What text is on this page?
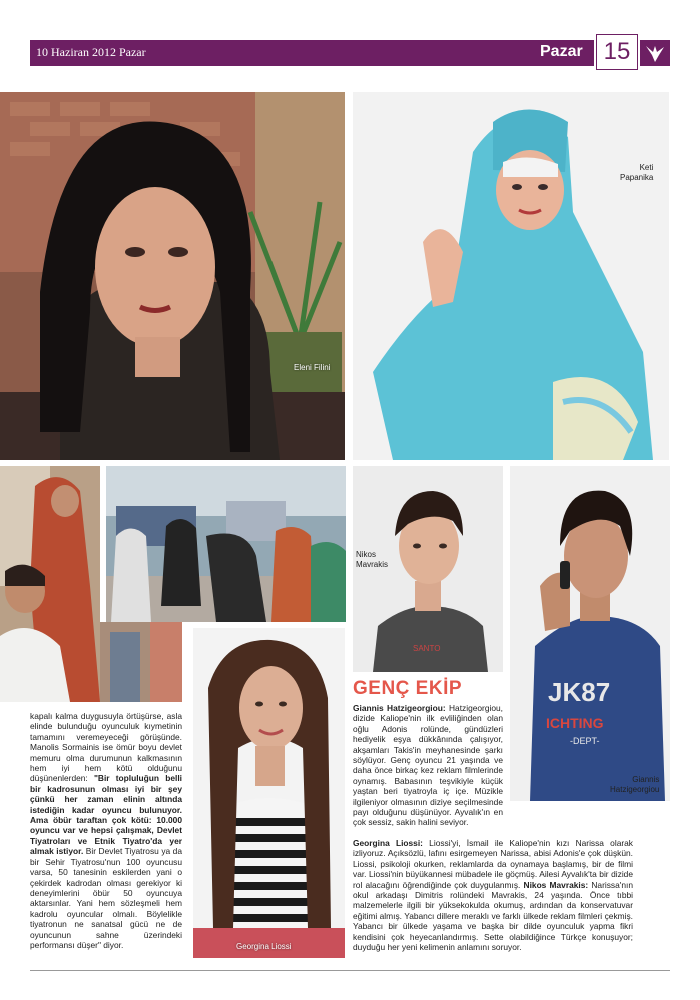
10 Haziran 2012 Pazar	Pazar 15
Eleni Filini
Keti
Papanika
SANTO
Nikos
Mavrakis
JK87
ICHTING
-DEPT-
Giannis
Hatzigeorgiou
Georgina Liossi
kapalı kalma duygusuyla örtüşürse, asla elinde bulunduğu oyunculuk kıymetinin tamamını veremeyeceği görüşünde. Manolis Sormainis ise ömür boyu devlet memuru olma durumunun kalkmasının hem iyi hem kötü olduğunu düşünenlerden: "Bir topluluğun belli bir kadrosunun olması iyi bir şey çünkü her zaman elinin altında istediğin kadar oyuncu bulunuyor. Ama öbür taraftan çok kötü: 10.000 oyuncu var ve hepsi çalışmak, Devlet Tiyatroları ve Etnik Tiyatro'da yer almak istiyor. Bir Devlet Tiyatrosu ya da bir Sehir Tiyatrosu'nun 100 oyuncusu varsa, 50 tanesinin eskilerden yani o çekirdek kadrodan olması gerekiyor ki deneyimlerini öbür 50 oyuncuya aktarsınlar. Yani hem sözleşmeli hem kadrolu oyuncular olmalı. Böylelikle tiyatronun ne sanatsal gücü ne de oyuncunun sahne üzerindeki performansı düşer" diyor.
GENÇ EKİP
Giannis Hatzigeorgiou: Hatzigeorgiou, dizide Kaliope'nin ilk evliliğinden olan oğlu Adonis rolünde, gündüzleri hediyelik eşya dükkânında çalışıyor, akşamları Takis'in meyhanesinde şarkı söylüyor. Genç oyuncu 21 yaşında ve daha önce birkaç kez reklam filmlerinde oynamış. Babasının teşvikiyle küçük yaştan beri tiyatroyla iç içe. Müzikle ilgileniyor olmasının diziye seçilmesinde payı olduğunu düşünüyor. Ayvalık'ın en çok sessiz, sakin halini seviyor.
Georgina Liossi: Liossi'yi, İsmail ile Kaliope'nin kızı Narissa olarak izliyoruz. Açıksözlü, lafını esirgemeyen Narissa, abisi Adonis'e çok düşkün. Liossi, psikoloji okurken, reklamlarda da oynamaya başlamış, bir de filmi var. Liossi'nin büyükannesi mübadele ile göçmüş. Ailesi Ayvalık'ta bir dizide rol alacağını öğrendiğinde çok duygulanmış. Nikos Mavrakis: Narissa'nın okul arkadaşı Dimitris rolündeki Mavrakis, 24 yaşında. Önce tıbbi malzemelerle ilgili bir yüksekokulda okumuş, ardından da konservatuvar eğitimi almış. Yabancı dillere meraklı ve farklı ülkede reklam filmleri çekmiş. Yabancı bir ülkede yaşama ve başka bir dilde oyunculuk yapma fikri kendisini çok heyecanlandırmış. Sette olabildiğince Türkçe konuşuyor; duyduğu her yeni kelimenin anlamını soruyor.
